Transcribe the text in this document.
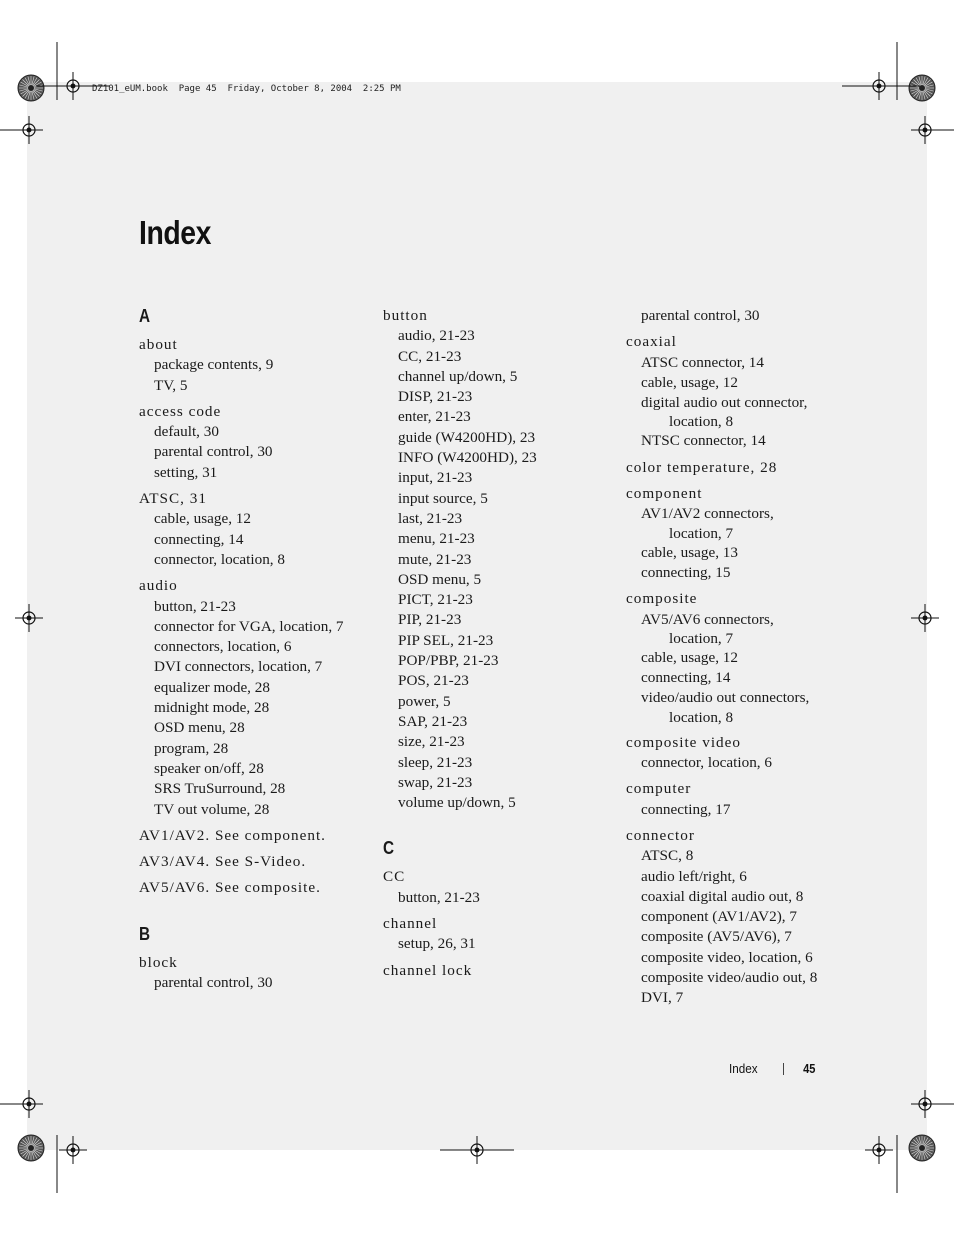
DZ101_eUM.book  Page 45  Friday, October 8, 2004  2:25 PM
Index
A
about
package contents, 9
TV, 5
access code
default, 30
parental control, 30
setting, 31
ATSC, 31
cable, usage, 12
connecting, 14
connector, location, 8
audio
button, 21-23
connector for VGA, location, 7
connectors, location, 6
DVI connectors, location, 7
equalizer mode, 28
midnight mode, 28
OSD menu, 28
program, 28
speaker on/off, 28
SRS TruSurround, 28
TV out volume, 28
AV1/AV2. See component.
AV3/AV4. See S-Video.
AV5/AV6. See composite.
B
block
parental control, 30
button
audio, 21-23
CC, 21-23
channel up/down, 5
DISP, 21-23
enter, 21-23
guide (W4200HD), 23
INFO (W4200HD), 23
input, 21-23
input source, 5
last, 21-23
menu, 21-23
mute, 21-23
OSD menu, 5
PICT, 21-23
PIP, 21-23
PIP SEL, 21-23
POP/PBP, 21-23
POS, 21-23
power, 5
SAP, 21-23
size, 21-23
sleep, 21-23
swap, 21-23
volume up/down, 5
C
CC
button, 21-23
channel
setup, 26, 31
channel lock
parental control, 30
coaxial
ATSC connector, 14
cable, usage, 12
digital audio out connector,
location, 8
NTSC connector, 14
color temperature, 28
component
AV1/AV2 connectors,
location, 7
cable, usage, 13
connecting, 15
composite
AV5/AV6 connectors,
location, 7
cable, usage, 12
connecting, 14
video/audio out connectors,
location, 8
composite video
connector, location, 6
computer
connecting, 17
connector
ATSC, 8
audio left/right, 6
coaxial digital audio out, 8
component (AV1/AV2), 7
composite (AV5/AV6), 7
composite video, location, 6
composite video/audio out, 8
DVI, 7
Index	45
